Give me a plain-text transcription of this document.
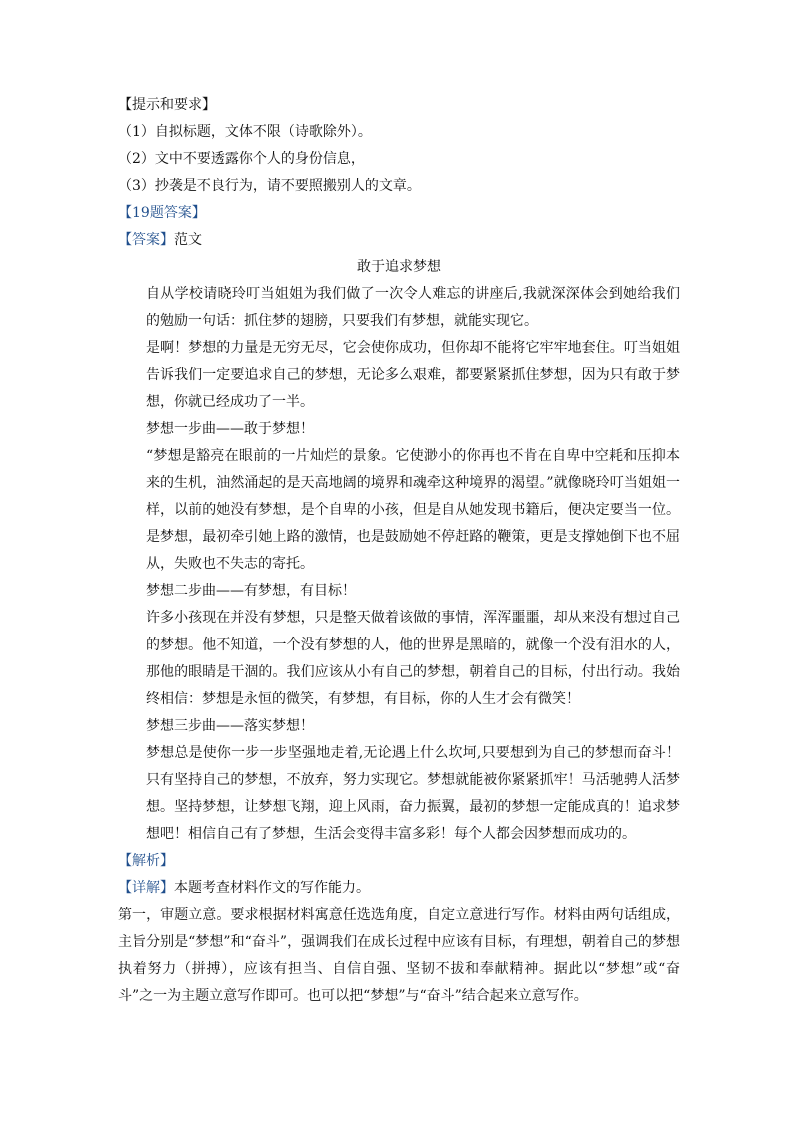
【提示和要求】
（1）自拟标题，文体不限（诗歌除外）。
（2）文中不要透露你个人的身份信息，
（3）抄袭是不良行为，请不要照搬别人的文章。
【19题答案】
【答案】范文
敢于追求梦想
自从学校请晓玲叮当姐姐为我们做了一次令人难忘的讲座后,我就深深体会到她给我们的勉励一句话：抓住梦的翅膀，只要我们有梦想，就能实现它。
是啊！梦想的力量是无穷无尽，它会使你成功，但你却不能将它牢牢地套住。叮当姐姐告诉我们一定要追求自己的梦想，无论多么艰难，都要紧紧抓住梦想，因为只有敢于梦想，你就已经成功了一半。
梦想一步曲——敢于梦想！
“梦想是豁亮在眼前的一片灿烂的景象。它使渺小的你再也不肯在自卑中空耗和压抑本来的生机，油然涌起的是天高地阔的境界和魂牵这种境界的渴望。”就像晓玲叮当姐姐一样，以前的她没有梦想，是个自卑的小孩，但是自从她发现书籍后，便决定要当一位。是梦想，最初牵引她上路的激情，也是鼓励她不停赶路的鞭策，更是支撑她倒下也不屈从，失败也不失志的寄托。
梦想二步曲——有梦想，有目标！
许多小孩现在并没有梦想，只是整天做着该做的事情，浑浑噩噩，却从来没有想过自己的梦想。他不知道，一个没有梦想的人，他的世界是黑暗的，就像一个没有泪水的人，那他的眼睛是干涸的。我们应该从小有自己的梦想，朝着自己的目标，付出行动。我始终相信：梦想是永恒的微笑，有梦想，有目标，你的人生才会有微笑！
梦想三步曲——落实梦想！
梦想总是使你一步一步坚强地走着,无论遇上什么坎坷,只要想到为自己的梦想而奋斗！只有坚持自己的梦想，不放弃，努力实现它。梦想就能被你紧紧抓牢！马活驰骋人活梦想。坚持梦想，让梦想飞翔，迎上风雨，奋力振翼，最初的梦想一定能成真的！追求梦想吧！相信自己有了梦想，生活会变得丰富多彩！每个人都会因梦想而成功的。
【解析】
【详解】本题考查材料作文的写作能力。
第一，审题立意。要求根据材料寓意任选选角度，自定立意进行写作。材料由两句话组成，主旨分别是“梦想”和“奋斗”，强调我们在成长过程中应该有目标，有理想，朝着自己的梦想执着努力（拼搏），应该有担当、自信自强、坚韧不拔和奉献精神。据此以“梦想”或“奋斗”之一为主题立意写作即可。也可以把“梦想”与“奋斗”结合起来立意写作。
